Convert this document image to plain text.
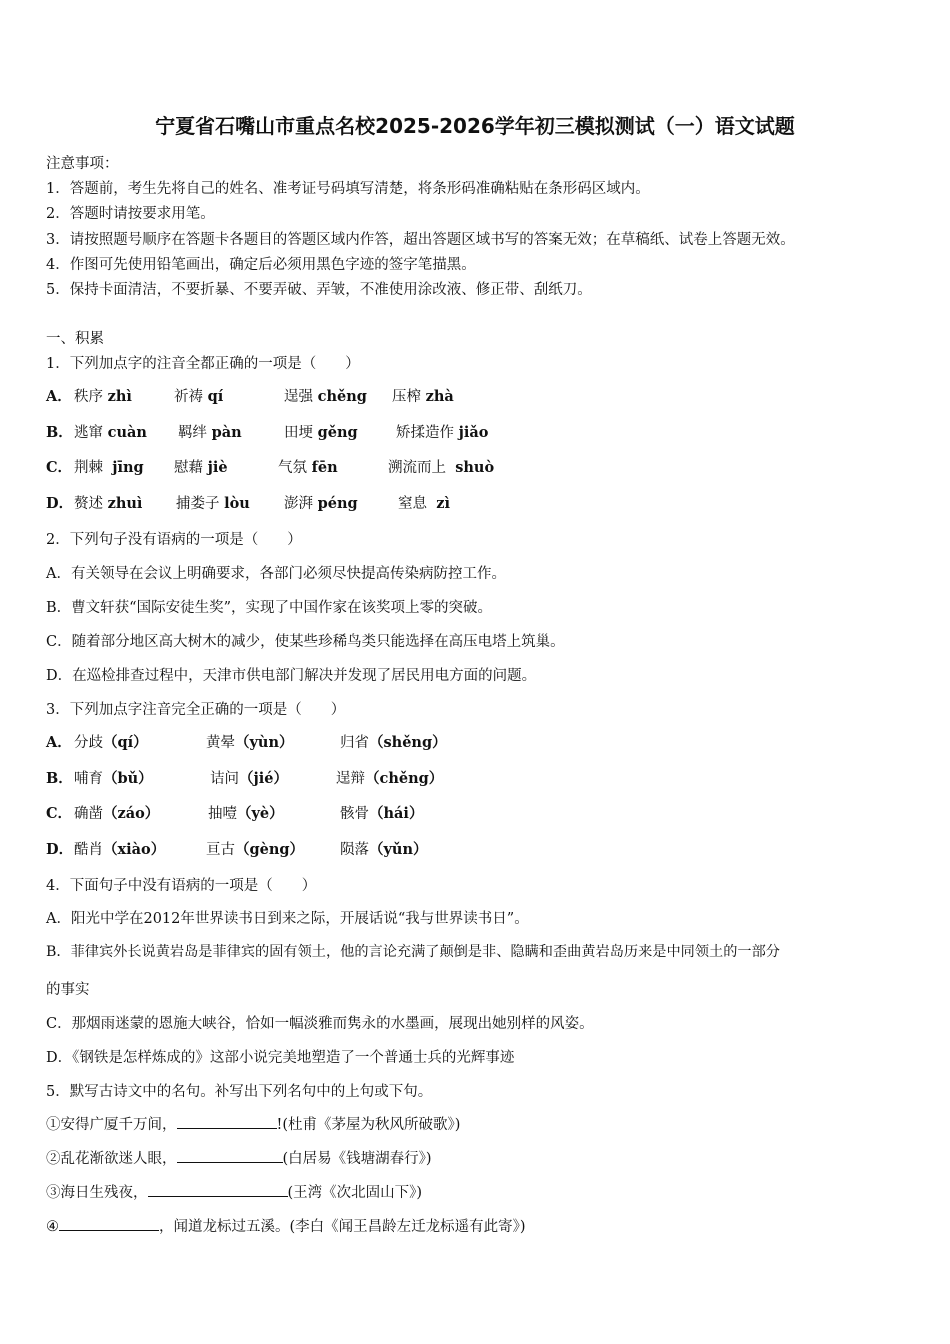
宁夏省石嘴山市重点名校2025-2026学年初三模拟测试（一）语文试题
注意事项：
1．答题前，考生先将自己的姓名、准考证号码填写清楚，将条形码准确粘贴在条形码区域内。
2．答题时请按要求用笔。
3．请按照题号顺序在答题卡各题目的答题区域内作答，超出答题区域书写的答案无效；在草稿纸、试卷上答题无效。
4．作图可先使用铅笔画出，确定后必须用黑色字迹的签字笔描黑。
5．保持卡面清洁，不要折暴、不要弄破、弄皱，不准使用涂改液、修正带、刮纸刀。
一、积累
1．下列加点字的注音全都正确的一项是（　　）
A． 秩序 zhì	祈祷 qí	逞强 chěng 压榨 zhà
B． 逃窜 cuàn 羁绊 pàn	田埂 gěng	矫揉造作 jiǎo
C． 荆棘 jīng 慰藉 jiè	气氛 fēn	溯流而上 shuò
D． 赘述 zhuì 捕娄子 lòu 澎湃 péng	窒息 zì
2．下列句子没有语病的一项是（　　）
A．有关领导在会议上明确要求，各部门必须尽快提高传染病防控工作。
B．曹文轩获“国际安徒生奖”，实现了中国作家在该奖项上零的突破。
C．随着部分地区高大树木的减少，使某些珍稀鸟类只能选择在高压电塔上筑巢。
D．在巡检排查过程中，天津市供电部门解决并发现了居民用电方面的问题。
3．下列加点字注音完全正确的一项是（　　）
A． 分歧（qí）	黄晕（yùn）	归省（shěng）
B． 哺育（bǔ）	诘问（jié）	逞辩（chěng）
C． 确凿（záo）	抽噎（yè）	骸骨（hái）
D． 酷肖（xiào）	亘古（gèng） 陨落（yǔn）
4．下面句子中没有语病的一项是（　　）
A．阳光中学在2012年世界读书日到来之际，开展话说“我与世界读书日”。
B．菲律宾外长说黄岩岛是菲律宾的固有领土，他的言论充满了颠倒是非、隐瞒和歪曲黄岩岛历来是中同领土的一部分
的事实
C．那烟雨迷蒙的恩施大峡谷，恰如一幅淡雅而隽永的水墨画，展现出她别样的风姿。
D．《钢铁是怎样炼成的》这部小说完美地塑造了一个普通士兵的光辉事迹
5．默写古诗文中的名句。补写出下列名句中的上句或下句。
①安得广厦千万间，	!(杜甫《茅屋为秋风所破歌》)
②乱花渐欲迷人眼，	(白居易《钱塘湖春行》)
③海日生残夜，	(王湾《次北固山下》)
④	，闻道龙标过五溪。(李白《闻王昌龄左迁龙标遥有此寄》)
